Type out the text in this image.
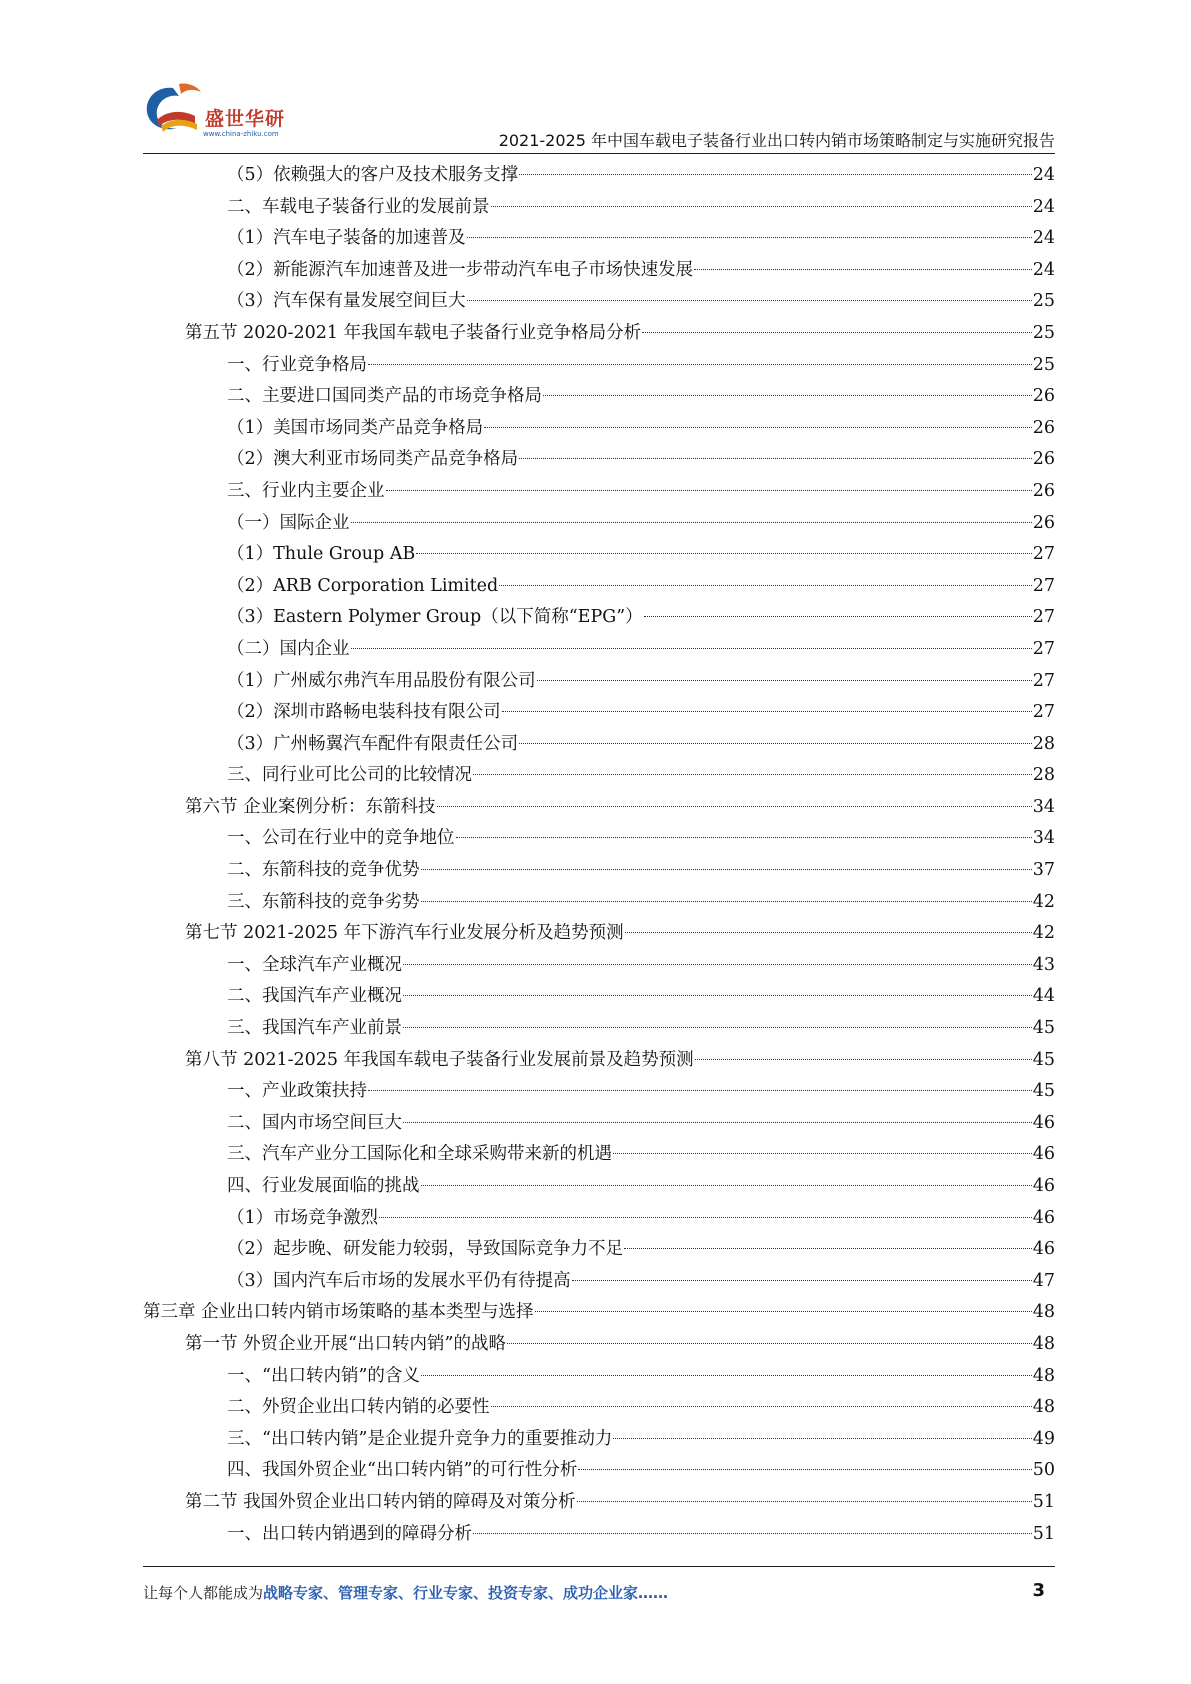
盛世华研
www.china-zhiku.com	2021-2025 年中国车载电子装备行业出口转内销市场策略制定与实施研究报告
（5）依赖强大的客户及技术服务支撑	24
二、车载电子装备行业的发展前景	24
（1）汽车电子装备的加速普及	24
（2）新能源汽车加速普及进一步带动汽车电子市场快速发展	24
（3）汽车保有量发展空间巨大	25
第五节 2020-2021 年我国车载电子装备行业竞争格局分析	25
一、行业竞争格局	25
二、主要进口国同类产品的市场竞争格局	26
（1）美国市场同类产品竞争格局	26
（2）澳大利亚市场同类产品竞争格局	26
三、行业内主要企业	26
（一）国际企业	26
（1）Thule Group AB	27
（2）ARB Corporation Limited	27
（3）Eastern Polymer Group（以下简称“EPG”）	27
（二）国内企业	27
（1）广州威尔弗汽车用品股份有限公司	27
（2）深圳市路畅电装科技有限公司	27
（3）广州畅翼汽车配件有限责任公司	28
三、同行业可比公司的比较情况	28
第六节 企业案例分析：东箭科技	34
一、公司在行业中的竞争地位	34
二、东箭科技的竞争优势	37
三、东箭科技的竞争劣势	42
第七节 2021-2025 年下游汽车行业发展分析及趋势预测	42
一、全球汽车产业概况	43
二、我国汽车产业概况	44
三、我国汽车产业前景	45
第八节 2021-2025 年我国车载电子装备行业发展前景及趋势预测	45
一、产业政策扶持	45
二、国内市场空间巨大	46
三、汽车产业分工国际化和全球采购带来新的机遇	46
四、行业发展面临的挑战	46
（1）市场竞争激烈	46
（2）起步晚、研发能力较弱，导致国际竞争力不足	46
（3）国内汽车后市场的发展水平仍有待提高	47
第三章 企业出口转内销市场策略的基本类型与选择	48
第一节 外贸企业开展“出口转内销”的战略	48
一、“出口转内销”的含义	48
二、外贸企业出口转内销的必要性	48
三、“出口转内销”是企业提升竞争力的重要推动力	49
四、我国外贸企业“出口转内销”的可行性分析	50
第二节 我国外贸企业出口转内销的障碍及对策分析	51
一、出口转内销遇到的障碍分析	51
让每个人都能成为战略专家、管理专家、行业专家、投资专家、成功企业家……	3
